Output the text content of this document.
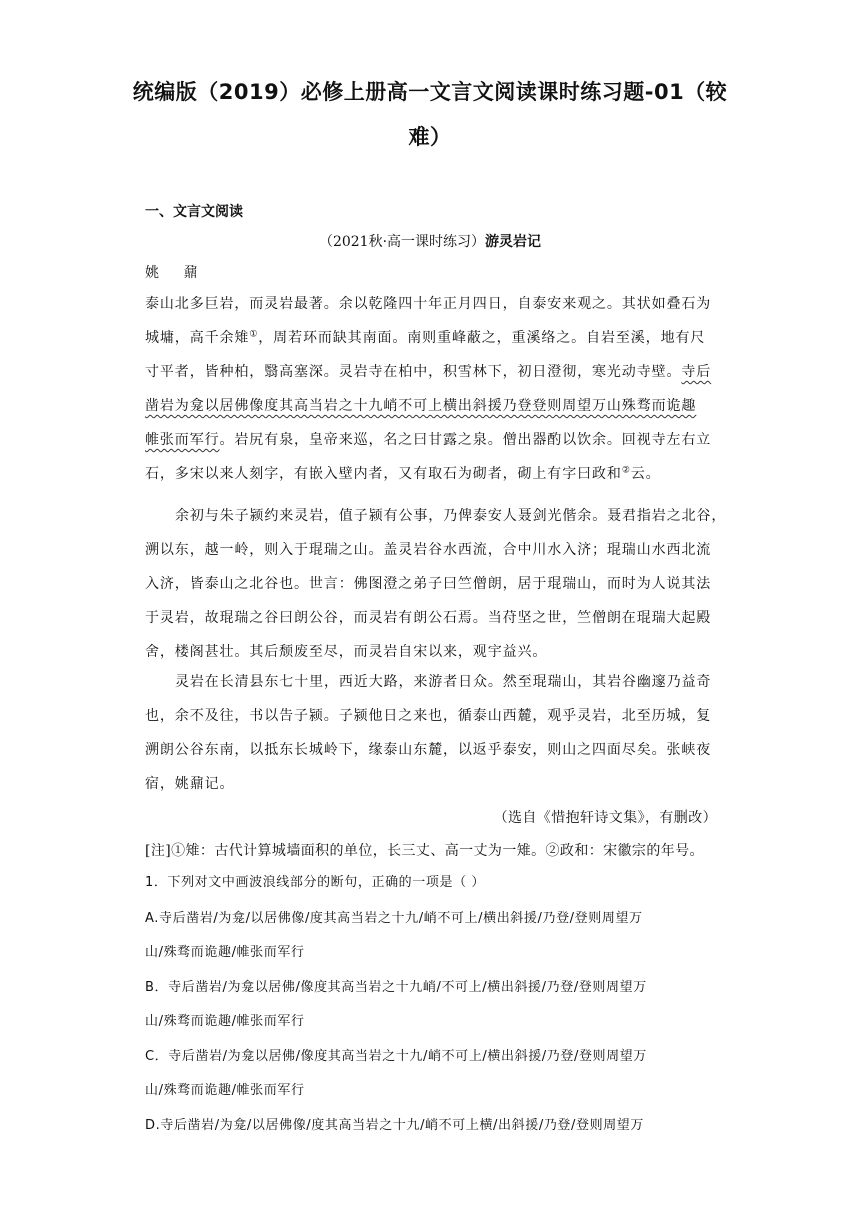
统编版（2019）必修上册高一文言文阅读课时练习题-01（较
难）
一、文言文阅读
（2021秋·高一课时练习）游灵岩记
姚 鼐
泰山北多巨岩，而灵岩最著。余以乾隆四十年正月四日，自泰安来观之。其状如叠石为
城墉，高千余雉①，周若环而缺其南面。南则重峰蔽之，重溪络之。自岩至溪，地有尺
寸平者，皆种柏，翳高塞深。灵岩寺在柏中，积雪林下，初日澄彻，寒光动寺壁。寺后
凿岩为龛以居佛像度其高当岩之十九峭不可上横出斜援乃登登则周望万山殊骛而诡趣
帷张而军行。岩尻有泉，皇帝来巡，名之曰甘露之泉。僧出器酌以饮余。回视寺左右立
石，多宋以来人刻字，有嵌入壁内者，又有取石为砌者，砌上有字曰政和②云。
余初与朱子颍约来灵岩，值子颍有公事，乃俾泰安人聂剑光偕余。聂君指岩之北谷，
溯以东，越一岭，则入于琨瑞之山。盖灵岩谷水西流，合中川水入济；琨瑞山水西北流
入济，皆泰山之北谷也。世言：佛图澄之弟子曰竺僧朗，居于琨瑞山，而时为人说其法
于灵岩，故琨瑞之谷曰朗公谷，而灵岩有朗公石焉。当苻坚之世，竺僧朗在琨瑞大起殿
舍，楼阁甚壮。其后颓废至尽，而灵岩自宋以来，观宇益兴。
灵岩在长清县东七十里，西近大路，来游者日众。然至琨瑞山，其岩谷幽邃乃益奇
也，余不及往，书以告子颍。子颍他日之来也，循泰山西麓，观乎灵岩，北至历城，复
溯朗公谷东南，以抵东长城岭下，缘泰山东麓，以返乎泰安，则山之四面尽矣。张峡夜
宿，姚鼐记。
（选自《惜抱轩诗文集》，有删改）
[注]①雉：古代计算城墙面积的单位，长三丈、高一丈为一雉。②政和：宋徽宗的年号。
1．下列对文中画波浪线部分的断句，正确的一项是（ ）
A.寺后凿岩/为龛/以居佛像/度其高当岩之十九/峭不可上/横出斜援/乃登/登则周望万
山/殊骛而诡趣/帷张而军行
B．寺后凿岩/为龛以居佛/像度其高当岩之十九峭/不可上/横出斜援/乃登/登则周望万
山/殊骛而诡趣/帷张而军行
C．寺后凿岩/为龛以居佛/像度其高当岩之十九/峭不可上/横出斜援/乃登/登则周望万
山/殊骛而诡趣/帷张而军行
D.寺后凿岩/为龛/以居佛像/度其高当岩之十九/峭不可上横/出斜援/乃登/登则周望万
